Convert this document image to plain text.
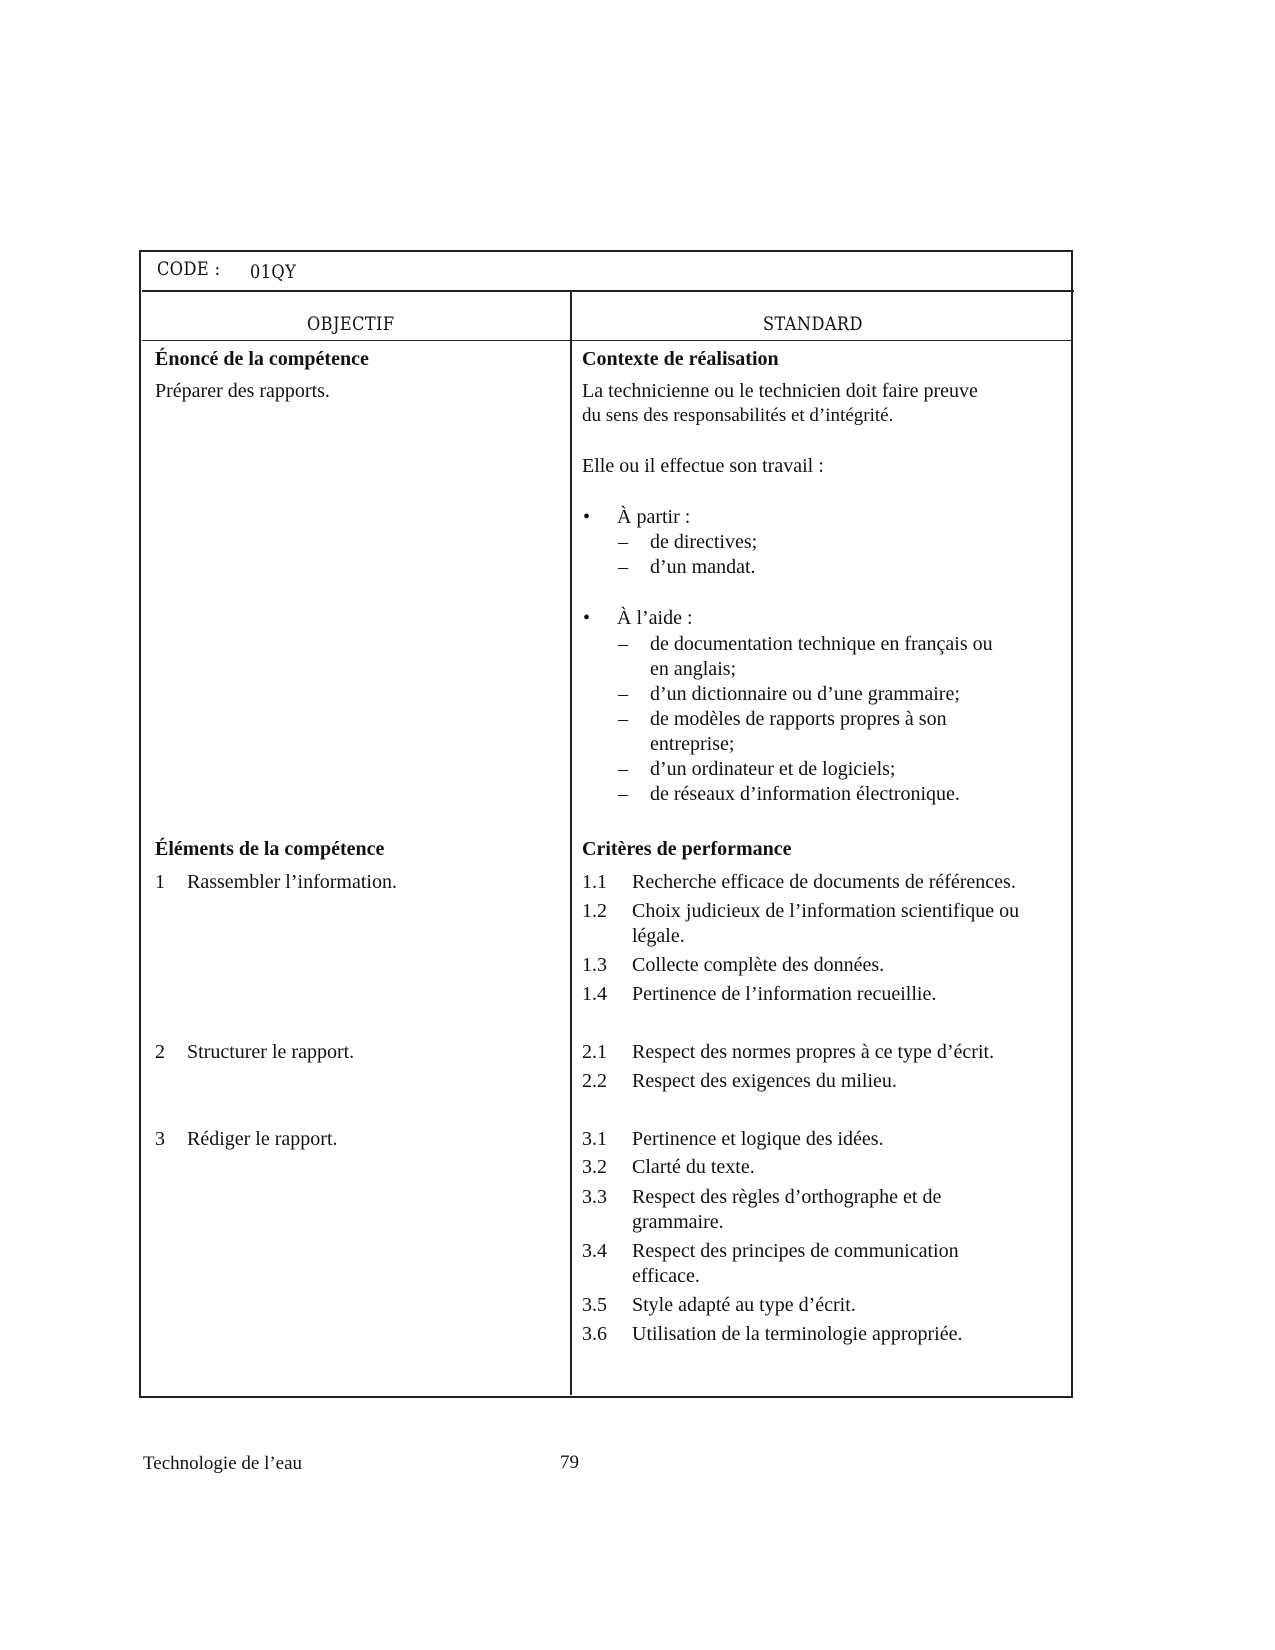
CODE : 01QY
OBJECTIF	STANDARD
Énoncé de la compétence
Préparer des rapports.
Éléments de la compétence
1 Rassembler l’information.
2 Structurer le rapport.
3 Rédiger le rapport.
Contexte de réalisation
La technicienne ou le technicien doit faire preuve
du sens des responsabilités et d’intégrité.
Elle ou il effectue son travail :
• À partir :
• À l’aide :
Critères de performance
Technologie de l’eau	79
– de directives;
– d’un mandat.
– de documentation technique en français ou
en anglais;
– d’un dictionnaire ou d’une grammaire;
– de modèles de rapports propres à son
entreprise;
– d’un ordinateur et de logiciels;
– de réseaux d’information électronique.
1.1 Recherche efficace de documents de références.
1.2 Choix judicieux de l’information scientifique ou
légale.
1.3 Collecte complète des données.
1.4 Pertinence de l’information recueillie.
2.1 Respect des normes propres à ce type d’écrit.
2.2 Respect des exigences du milieu.
3.1 Pertinence et logique des idées.
3.2 Clarté du texte.
3.3 Respect des règles d’orthographe et de
grammaire.
3.4 Respect des principes de communication
efficace.
3.5 Style adapté au type d’écrit.
3.6 Utilisation de la terminologie appropriée.
